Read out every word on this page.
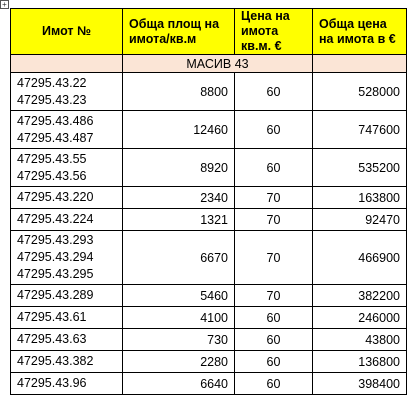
+
Имот №	Обща площ на имота/кв.м	Цена на имота кв.м. €	Обща цена на имота в €
	МАСИВ 43		

47295.43.22
47295.43.23	8800	60	528000

47295.43.486
47295.43.487	12460	60	747600

47295.43.55
47295.43.56	8920	60	535200

47295.43.220	2340	70	163800

47295.43.224	1321	70	92470

47295.43.293
47295.43.294
47295.43.295	6670	70	466900

47295.43.289	5460	70	382200

47295.43.61	4100	60	246000

47295.43.63	730	60	43800

47295.43.382	2280	60	136800

47295.43.96	6640	60	398400
